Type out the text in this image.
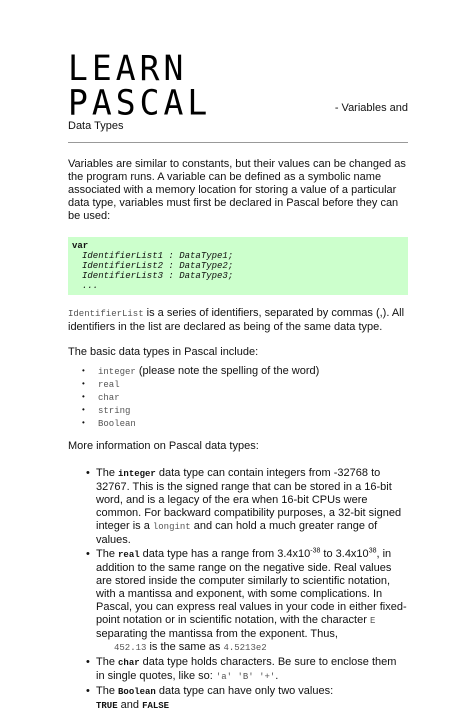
LEARN PASCAL	- Variables and
Data Types

Variables are similar to constants, but their values can be changed as the program runs. A variable can be defined as a symbolic name associated with a memory location for storing a value of a particular data type, variables must first be declared in Pascal before they can be used:

var
IdentifierList1 : DataType1;
IdentifierList2 : DataType2;
IdentifierList3 : DataType3;
...

IdentifierList is a series of identifiers, separated by commas (,). All identifiers in the list are declared as being of the same data type.

The basic data types in Pascal include:

• integer (please note the spelling of the word)
• real
• char
• string
• Boolean

More information on Pascal data types:

• The integer data type can contain integers from -32768 to 32767. This is the signed range that can be stored in a 16-bit word, and is a legacy of the era when 16-bit CPUs were common. For backward compatibility purposes, a 32-bit signed integer is a longint and can hold a much greater range of values.
• The real data type has a range from $3.4x10^{-38}$ to $3.4x10^{38}$, in addition to the same range on the negative side. Real values are stored inside the computer similarly to scientific notation, with a mantissa and exponent, with some complications. In Pascal, you can express real values in your code in either fixed-point notation or in scientific notation, with the character E separating the mantissa from the exponent. Thus,
452.13 is the same as 4.5213e2
• The char data type holds characters. Be sure to enclose them in single quotes, like so: 'a' 'B' '+'.
• The Boolean data type can have only two values:
TRUE and FALSE
